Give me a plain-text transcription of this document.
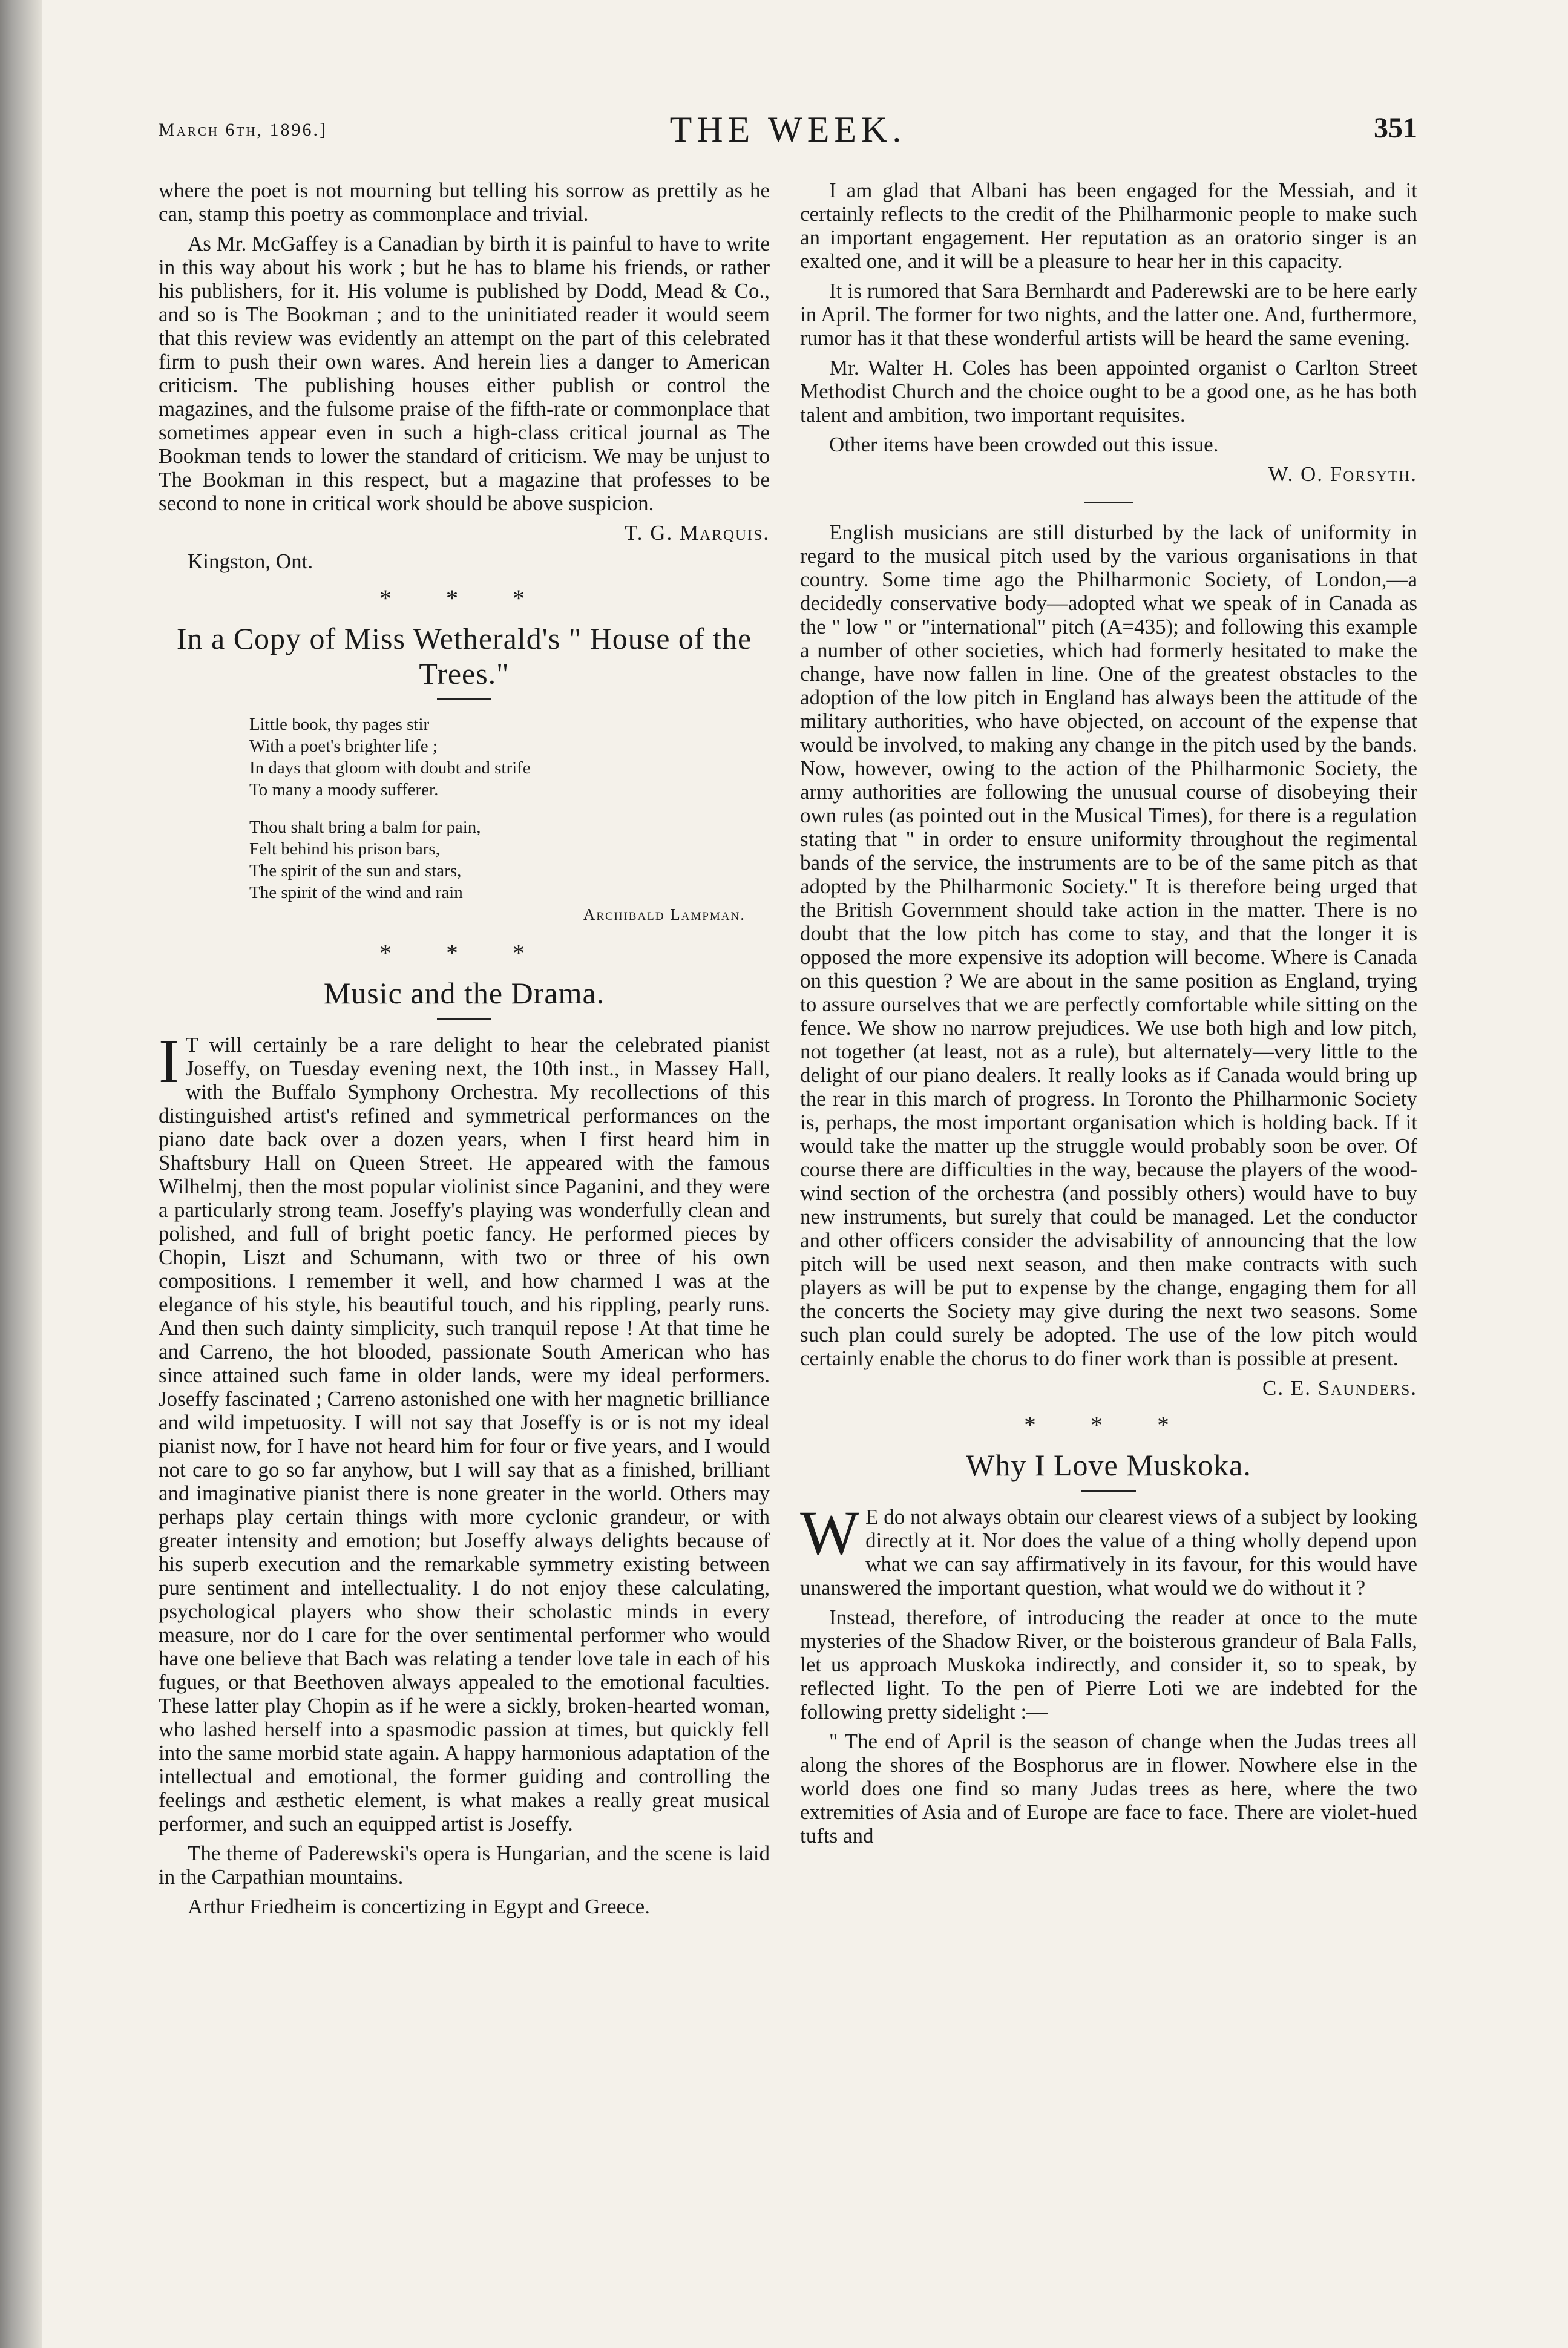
March 6th, 1896.]	THE WEEK.	351

where the poet is not mourning but telling his sorrow as prettily as he can, stamp this poetry as commonplace and trivial.

As Mr. McGaffey is a Canadian by birth it is painful to have to write in this way about his work ; but he has to blame his friends, or rather his publishers, for it. His volume is published by Dodd, Mead & Co., and so is The Bookman ; and to the uninitiated reader it would seem that this review was evidently an attempt on the part of this celebrated firm to push their own wares. And herein lies a danger to American criticism. The publishing houses either publish or control the magazines, and the fulsome praise of the fifth-rate or commonplace that sometimes appear even in such a high-class critical journal as The Bookman tends to lower the standard of criticism. We may be unjust to The Bookman in this respect, but a magazine that professes to be second to none in critical work should be above suspicion.

T. G. Marquis.
Kingston, Ont.
* * *
In a Copy of Miss Wetherald's " House of the Trees."
Little book, thy pages stir
With a poet's brighter life ;
In days that gloom with doubt and strife
To many a moody sufferer.
Thou shalt bring a balm for pain,
Felt behind his prison bars,
The spirit of the sun and stars,
The spirit of the wind and rain
Archibald Lampman.
* * *
Music and the Drama.

I T will certainly be a rare delight to hear the celebrated pianist Joseffy, on Tuesday evening next, the 10th inst., in Massey Hall, with the Buffalo Symphony Orchestra. My recollections of this distinguished artist's refined and symmetrical performances on the piano date back over a dozen years, when I first heard him in Shaftsbury Hall on Queen Street. He appeared with the famous Wilhelmj, then the most popular violinist since Paganini, and they were a particularly strong team. Joseffy's playing was wonderfully clean and polished, and full of bright poetic fancy. He performed pieces by Chopin, Liszt and Schumann, with two or three of his own compositions. I remember it well, and how charmed I was at the elegance of his style, his beautiful touch, and his rippling, pearly runs. And then such dainty simplicity, such tranquil repose ! At that time he and Carreno, the hot blooded, passionate South American who has since attained such fame in older lands, were my ideal performers. Joseffy fascinated ; Carreno astonished one with her magnetic brilliance and wild impetuosity. I will not say that Joseffy is or is not my ideal pianist now, for I have not heard him for four or five years, and I would not care to go so far anyhow, but I will say that as a finished, brilliant and imaginative pianist there is none greater in the world. Others may perhaps play certain things with more cyclonic grandeur, or with greater intensity and emotion; but Joseffy always delights because of his superb execution and the remarkable symmetry existing between pure sentiment and intellectuality. I do not enjoy these calculating, psychological players who show their scholastic minds in every measure, nor do I care for the over sentimental performer who would have one believe that Bach was relating a tender love tale in each of his fugues, or that Beethoven always appealed to the emotional faculties. These latter play Chopin as if he were a sickly, broken-hearted woman, who lashed herself into a spasmodic passion at times, but quickly fell into the same morbid state again. A happy harmonious adaptation of the intellectual and emotional, the former guiding and controlling the feelings and æsthetic element, is what makes a really great musical performer, and such an equipped artist is Joseffy.

The theme of Paderewski's opera is Hungarian, and the scene is laid in the Carpathian mountains.

Arthur Friedheim is concertizing in Egypt and Greece.

I am glad that Albani has been engaged for the Messiah, and it certainly reflects to the credit of the Philharmonic people to make such an important engagement. Her reputation as an oratorio singer is an exalted one, and it will be a pleasure to hear her in this capacity.

It is rumored that Sara Bernhardt and Paderewski are to be here early in April. The former for two nights, and the latter one. And, furthermore, rumor has it that these wonderful artists will be heard the same evening.

Mr. Walter H. Coles has been appointed organist o Carlton Street Methodist Church and the choice ought to be a good one, as he has both talent and ambition, two important requisites.

Other items have been crowded out this issue.

W. O. Forsyth.

English musicians are still disturbed by the lack of uniformity in regard to the musical pitch used by the various organisations in that country. Some time ago the Philharmonic Society, of London,—a decidedly conservative body—adopted what we speak of in Canada as the " low " or "international" pitch (A=435); and following this example a number of other societies, which had formerly hesitated to make the change, have now fallen in line. One of the greatest obstacles to the adoption of the low pitch in England has always been the attitude of the military authorities, who have objected, on account of the expense that would be involved, to making any change in the pitch used by the bands. Now, however, owing to the action of the Philharmonic Society, the army authorities are following the unusual course of disobeying their own rules (as pointed out in the Musical Times), for there is a regulation stating that " in order to ensure uniformity throughout the regimental bands of the service, the instruments are to be of the same pitch as that adopted by the Philharmonic Society." It is therefore being urged that the British Government should take action in the matter. There is no doubt that the low pitch has come to stay, and that the longer it is opposed the more expensive its adoption will become. Where is Canada on this question ? We are about in the same position as England, trying to assure ourselves that we are perfectly comfortable while sitting on the fence. We show no narrow prejudices. We use both high and low pitch, not together (at least, not as a rule), but alternately—very little to the delight of our piano dealers. It really looks as if Canada would bring up the rear in this march of progress. In Toronto the Philharmonic Society is, perhaps, the most important organisation which is holding back. If it would take the matter up the struggle would probably soon be over. Of course there are difficulties in the way, because the players of the wood-wind section of the orchestra (and possibly others) would have to buy new instruments, but surely that could be managed. Let the conductor and other officers consider the advisability of announcing that the low pitch will be used next season, and then make contracts with such players as will be put to expense by the change, engaging them for all the concerts the Society may give during the next two seasons. Some such plan could surely be adopted. The use of the low pitch would certainly enable the chorus to do finer work than is possible at present.

C. E. Saunders.
* * *
Why I Love Muskoka.

W E do not always obtain our clearest views of a subject by looking directly at it. Nor does the value of a thing wholly depend upon what we can say affirmatively in its favour, for this would have unanswered the important question, what would we do without it ?

Instead, therefore, of introducing the reader at once to the mute mysteries of the Shadow River, or the boisterous grandeur of Bala Falls, let us approach Muskoka indirectly, and consider it, so to speak, by reflected light. To the pen of Pierre Loti we are indebted for the following pretty sidelight :—

" The end of April is the season of change when the Judas trees all along the shores of the Bosphorus are in flower. Nowhere else in the world does one find so many Judas trees as here, where the two extremities of Asia and of Europe are face to face. There are violet-hued tufts and
